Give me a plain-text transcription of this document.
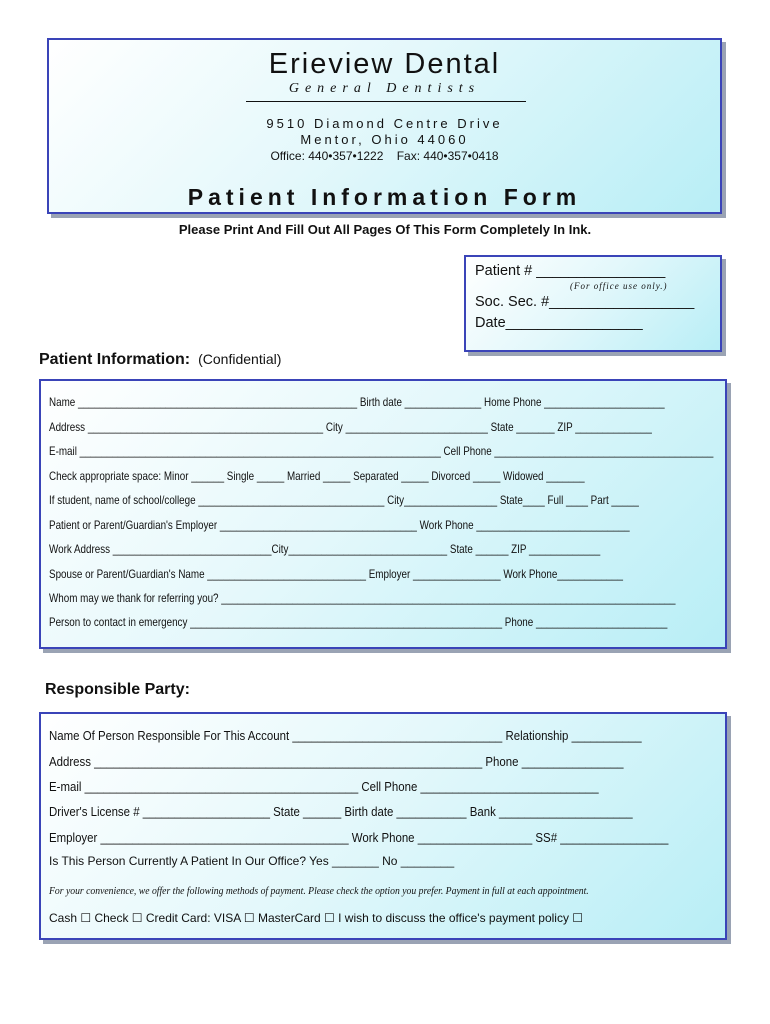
Erieview Dental
General Dentists
9510 Diamond Centre Drive
Mentor, Ohio 44060
Office: 440•357•1222    Fax: 440•357•0418
Patient Information Form
Please Print And Fill Out All Pages Of This Form Completely In Ink.
Patient # ________________
(For office use only.)
Soc. Sec. #__________________
Date_________________
Patient Information: (Confidential)
Name ___________________________________________________ Birth date ______________ Home Phone ______________________
Address ___________________________________________ City __________________________ State _______ ZIP ______________
E-mail __________________________________________________________________ Cell Phone ________________________________________
Check appropriate space: Minor ______ Single _____ Married _____ Separated _____ Divorced _____ Widowed _______
If student, name of school/college __________________________________ City_________________ State____ Full ____ Part _____
Patient or Parent/Guardian's Employer ____________________________________ Work Phone ____________________________
Work Address _____________________________City_____________________________ State ______ ZIP _____________
Spouse or Parent/Guardian's Name _____________________________ Employer ________________ Work Phone____________
Whom may we thank for referring you? ___________________________________________________________________________________
Person to contact in emergency _________________________________________________________ Phone ________________________
Responsible Party:
Name Of Person Responsible For This Account _________________________________ Relationship ___________
Address _____________________________________________________________ Phone ________________
E-mail ___________________________________________ Cell Phone ____________________________
Driver's License # ____________________ State ______ Birth date ___________ Bank _____________________
Employer _______________________________________ Work Phone __________________ SS# _________________
Is This Person Currently A Patient In Our Office? Yes _______ No ________
For your convenience, we offer the following methods of payment. Please check the option you prefer. Payment in full at each appointment.
Cash ☐ Check ☐ Credit Card: VISA ☐ MasterCard ☐ I wish to discuss the office's payment policy ☐
